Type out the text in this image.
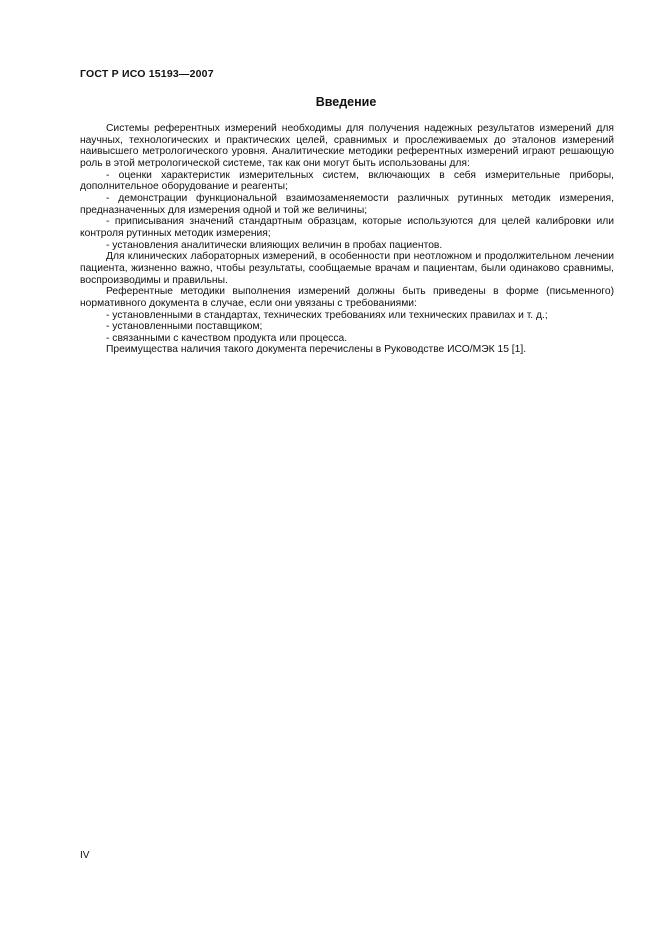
ГОСТ Р ИСО 15193—2007
Введение

Системы референтных измерений необходимы для получения надежных результатов измерений для научных, технологических и практических целей, сравнимых и прослеживаемых до эталонов измерений наивысшего метрологического уровня. Аналитические методики референтных измерений играют решающую роль в этой метрологической системе, так как они могут быть использованы для:

- оценки характеристик измерительных систем, включающих в себя измерительные приборы, дополнительное оборудование и реагенты;

- демонстрации функциональной взаимозаменяемости различных рутинных методик измерения, предназначенных для измерения одной и той же величины;

- приписывания значений стандартным образцам, которые используются для целей калибровки или контроля рутинных методик измерения;

- установления аналитически влияющих величин в пробах пациентов.

Для клинических лабораторных измерений, в особенности при неотложном и продолжительном лечении пациента, жизненно важно, чтобы результаты, сообщаемые врачам и пациентам, были одинаково сравнимы, воспроизводимы и правильны.

Референтные методики выполнения измерений должны быть приведены в форме (письменного) нормативного документа в случае, если они увязаны с требованиями:

- установленными в стандартах, технических требованиях или технических правилах и т. д.;

- установленными поставщиком;

- связанными с качеством продукта или процесса.

Преимущества наличия такого документа перечислены в Руководстве ИСО/МЭК 15 [1].

IV
